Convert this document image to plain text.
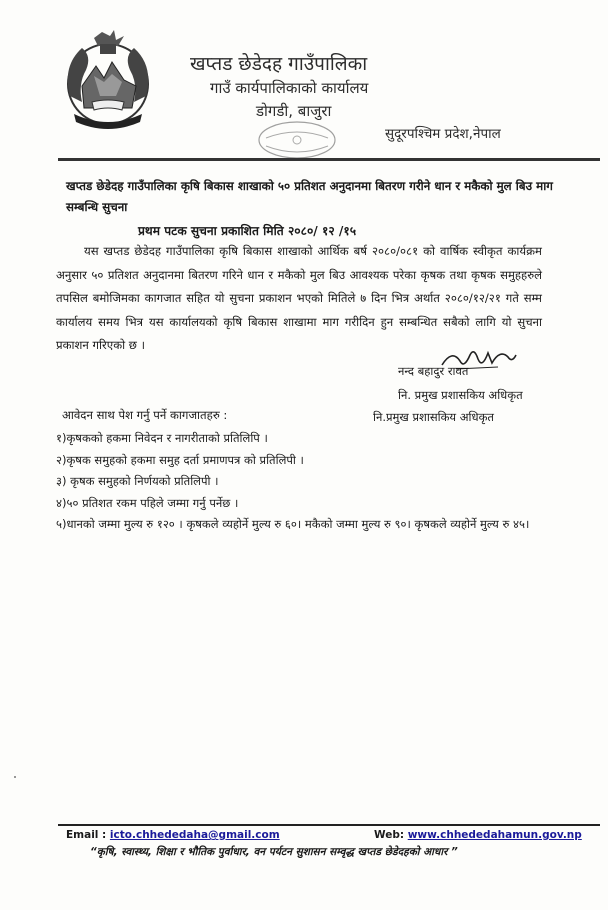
खप्तड छेडेदह गाउँपालिका
गाउँ कार्यपालिकाको कार्यालय
डोगडी, बाजुरा
सुदूरपश्चिम प्रदेश,नेपाल
खप्तड छेडेदह गाउँपालिका कृषि बिकास शाखाको ५० प्रतिशत अनुदानमा बितरण गरीने धान र मकैको मुल बिउ माग सम्बन्धि सुचना
प्रथम पटक सुचना प्रकाशित मिति २०८०/ १२ /१५
यस खप्तड छेडेदह गाउँपालिका कृषि बिकास शाखाको आर्थिक बर्ष २०८०/०८१ को वार्षिक स्वीकृत कार्यक्रम अनुसार ५० प्रतिशत अनुदानमा बितरण गरिने धान र मकैको मुल बिउ आवश्यक परेका कृषक तथा कृषक समुहहरुले तपसिल बमोजिमका कागजात सहित यो सुचना प्रकाशन भएको मितिले ७ दिन भित्र अर्थात २०८०/१२/२१ गते सम्म कार्यालय समय भित्र यस कार्यालयको कृषि बिकास शाखामा माग गरीदिन हुन सम्बन्धित सबैको लागि यो सुचना प्रकाशन गरिएको छ ।
नन्द बहादुर रावत
नि. प्रमुख प्रशासकिय अधिकृत
नि.प्रमुख प्रशासकिय अधिकृत
आवेदन साथ पेश गर्नु पर्ने कागजातहरु :
१)कृषकको हकमा निवेदन र नागरीताको प्रतिलिपि ।
२)कृषक समुहको हकमा समुह दर्ता प्रमाणपत्र को प्रतिलिपी ।
३) कृषक समुहको निर्णयको प्रतिलिपी ।
४)५० प्रतिशत रकम पहिले जम्मा गर्नु पर्नेछ ।
५)धानको जम्मा मुल्य रु १२० । कृषकले व्यहोर्ने मुल्य रु ६०। मकैको जम्मा मुल्य रु ९०। कृषकले व्यहोर्ने मुल्य रु ४५।
Email : icto.chhededaha@gmail.com	Web: www.chhededahamun.gov.np
“कृषि, स्वास्थ्य, शिक्षा र भौतिक पुर्वाधार, वन पर्यटन सुशासन सम्वृद्ध खप्तड छेडेदहको आधार ”
